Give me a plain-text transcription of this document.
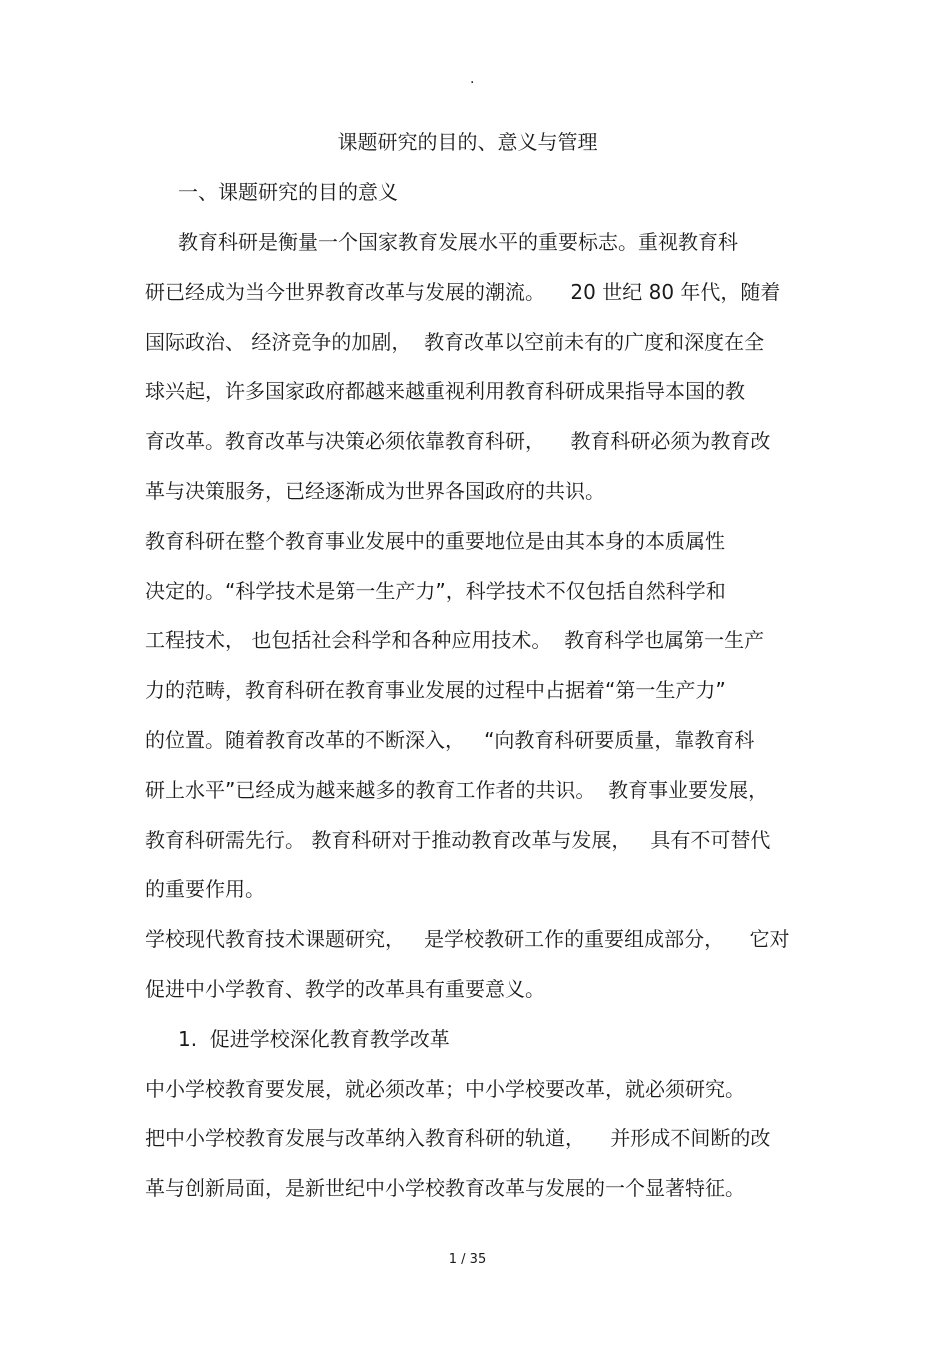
.
课题研究的目的、意义与管理
一、课题研究的目的意义
教育科研是衡量一个国家教育发展水平的重要标志。重视教育科
研已经成为当今世界教育改革与发展的潮流。    20 世纪 80 年代，随着
国际政治、 经济竞争的加剧，  教育改革以空前未有的广度和深度在全
球兴起，许多国家政府都越来越重视利用教育科研成果指导本国的教
育改革。教育改革与决策必须依靠教育科研，    教育科研必须为教育改
革与决策服务，已经逐渐成为世界各国政府的共识。
教育科研在整个教育事业发展中的重要地位是由其本身的本质属性
决定的。“科学技术是第一生产力”，科学技术不仅包括自然科学和
工程技术， 也包括社会科学和各种应用技术。  教育科学也属第一生产
力的范畴，教育科研在教育事业发展的过程中占据着“第一生产力”
的位置。随着教育改革的不断深入，   “向教育科研要质量，靠教育科
研上水平”已经成为越来越多的教育工作者的共识。  教育事业要发展，
教育科研需先行。 教育科研对于推动教育改革与发展，   具有不可替代
的重要作用。
学校现代教育技术课题研究，   是学校教研工作的重要组成部分，    它对
促进中小学教育、教学的改革具有重要意义。
1.  促进学校深化教育教学改革
中小学校教育要发展，就必须改革；中小学校要改革，就必须研究。
把中小学校教育发展与改革纳入教育科研的轨道，    并形成不间断的改
革与创新局面，是新世纪中小学校教育改革与发展的一个显著特征。
1 / 35
